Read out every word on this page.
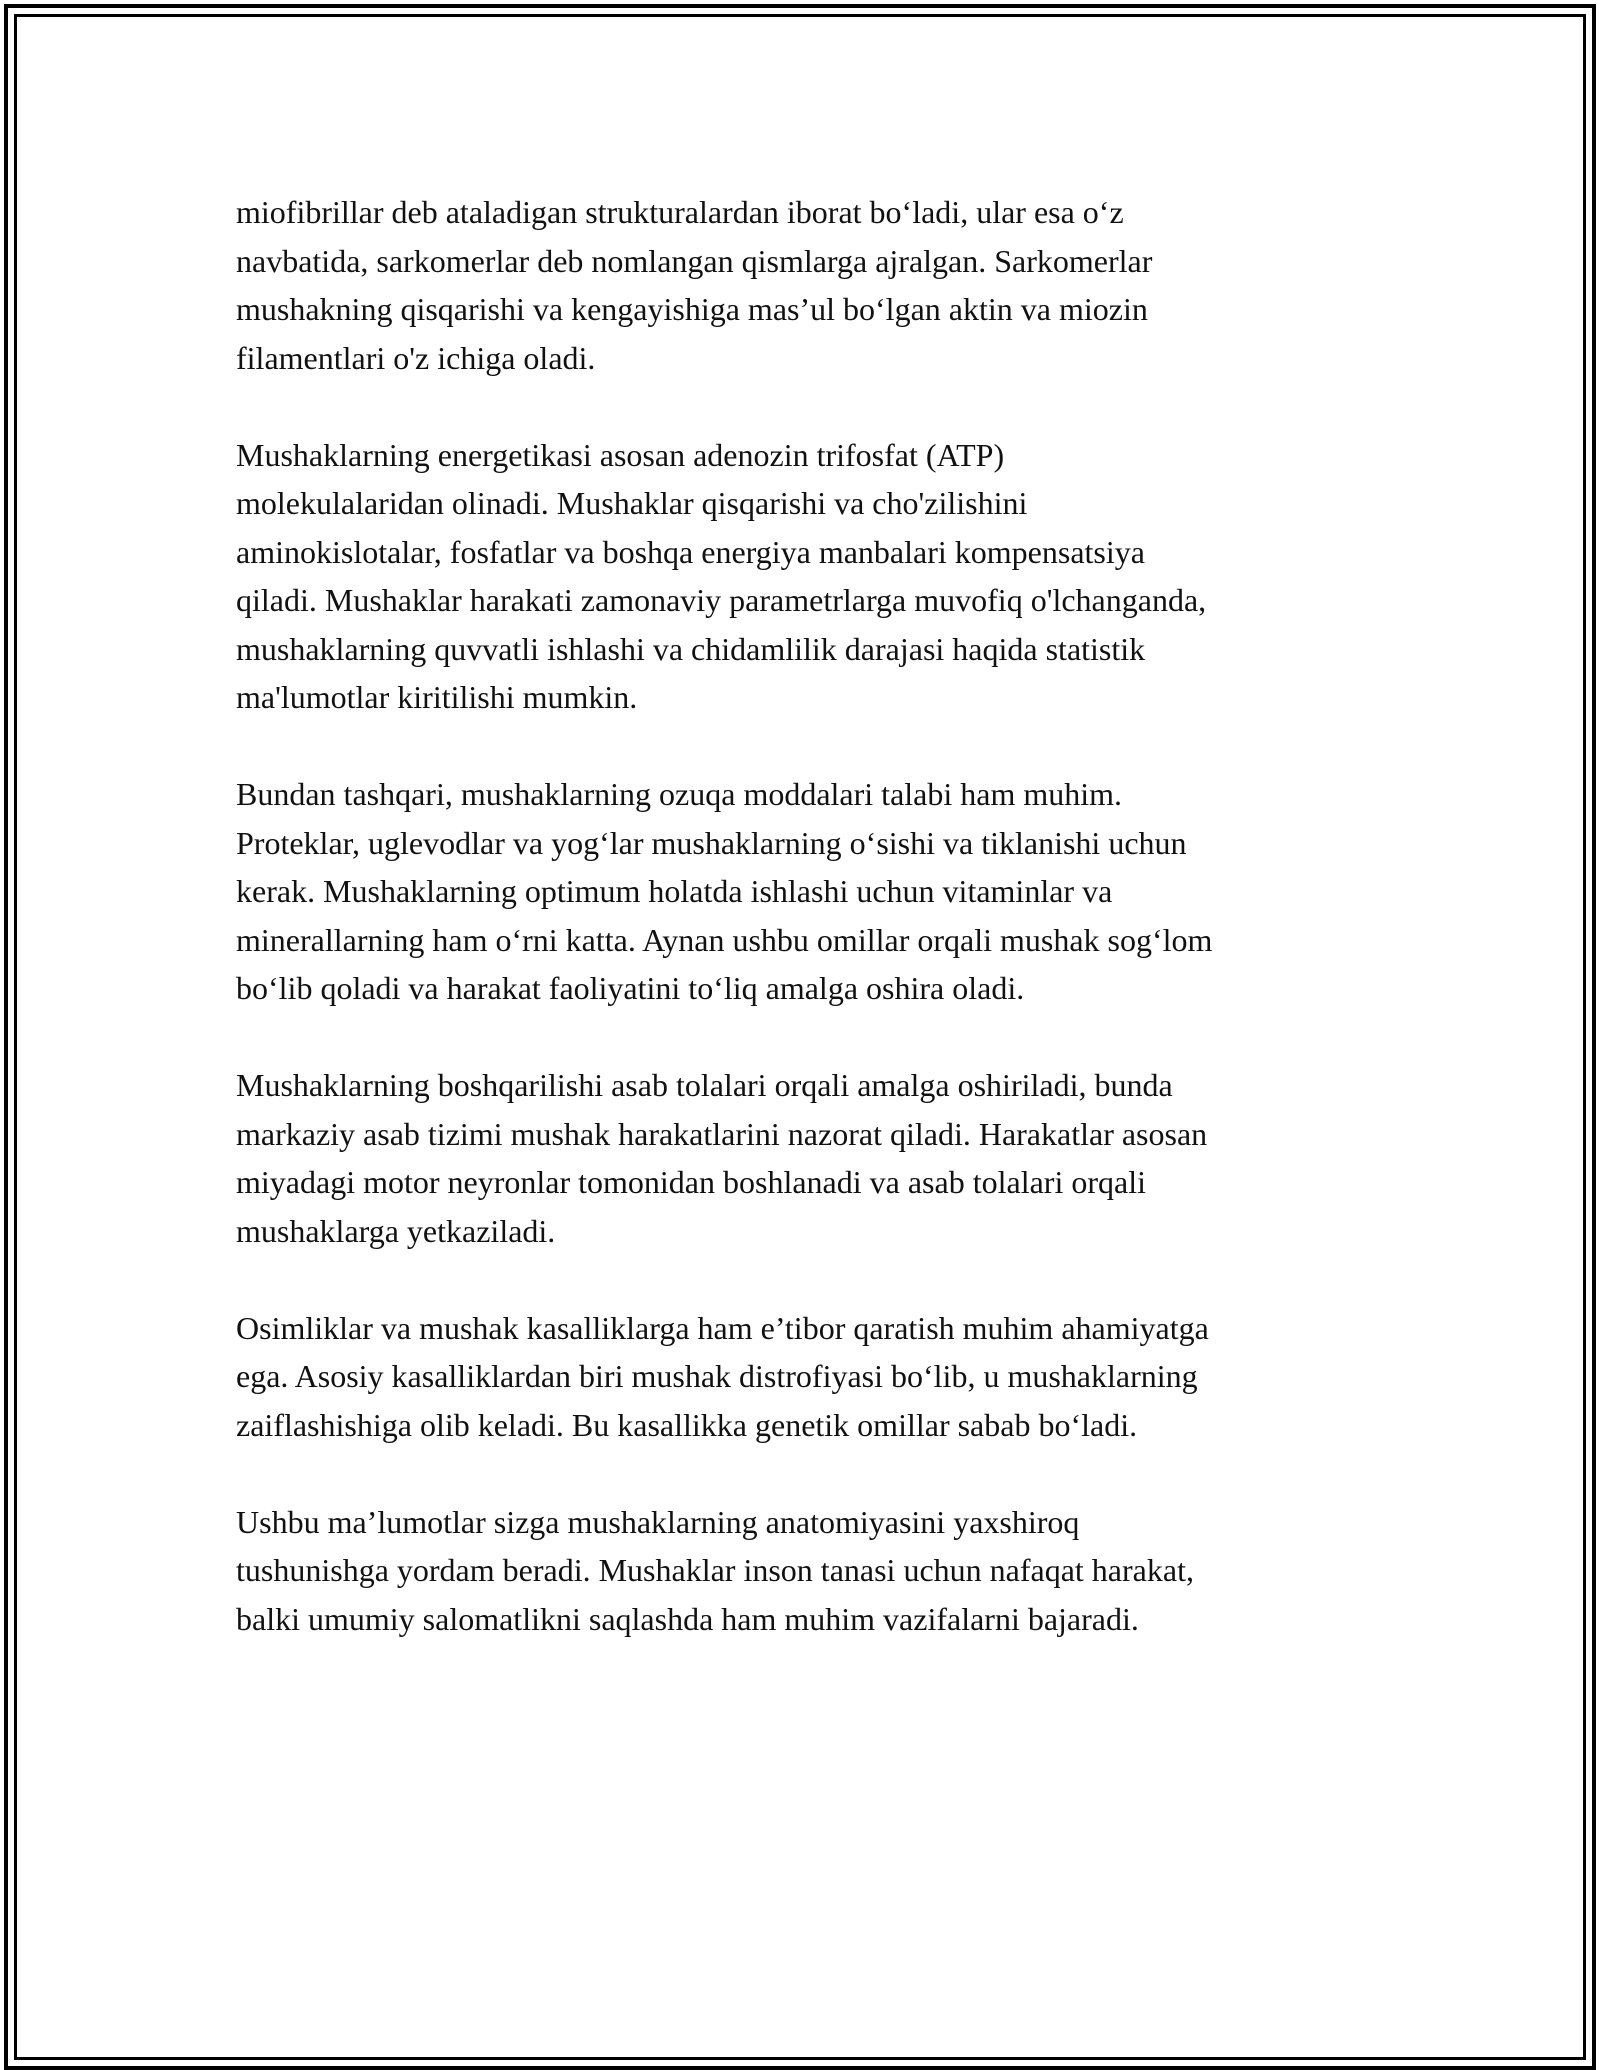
miofibrillar deb ataladigan strukturalardan iborat bo‘ladi, ular esa o‘z
navbatida, sarkomerlar deb nomlangan qismlarga ajralgan. Sarkomerlar
mushakning qisqarishi va kengayishiga mas’ul bo‘lgan aktin va miozin
filamentlari o'z ichiga oladi.

Mushaklarning energetikasi asosan adenozin trifosfat (ATP)
molekulalaridan olinadi. Mushaklar qisqarishi va cho'zilishini
aminokislotalar, fosfatlar va boshqa energiya manbalari kompensatsiya
qiladi. Mushaklar harakati zamonaviy parametrlarga muvofiq o'lchanganda,
mushaklarning quvvatli ishlashi va chidamlilik darajasi haqida statistik
ma'lumotlar kiritilishi mumkin.

Bundan tashqari, mushaklarning ozuqa moddalari talabi ham muhim.
Proteklar, uglevodlar va yog‘lar mushaklarning o‘sishi va tiklanishi uchun
kerak. Mushaklarning optimum holatda ishlashi uchun vitaminlar va
minerallarning ham o‘rni katta. Aynan ushbu omillar orqali mushak sog‘lom
bo‘lib qoladi va harakat faoliyatini to‘liq amalga oshira oladi.

Mushaklarning boshqarilishi asab tolalari orqali amalga oshiriladi, bunda
markaziy asab tizimi mushak harakatlarini nazorat qiladi. Harakatlar asosan
miyadagi motor neyronlar tomonidan boshlanadi va asab tolalari orqali
mushaklarga yetkaziladi.

Osimliklar va mushak kasalliklarga ham e’tibor qaratish muhim ahamiyatga
ega. Asosiy kasalliklardan biri mushak distrofiyasi bo‘lib, u mushaklarning
zaiflashishiga olib keladi. Bu kasallikka genetik omillar sabab bo‘ladi.

Ushbu ma’lumotlar sizga mushaklarning anatomiyasini yaxshiroq
tushunishga yordam beradi. Mushaklar inson tanasi uchun nafaqat harakat,
balki umumiy salomatlikni saqlashda ham muhim vazifalarni bajaradi.
